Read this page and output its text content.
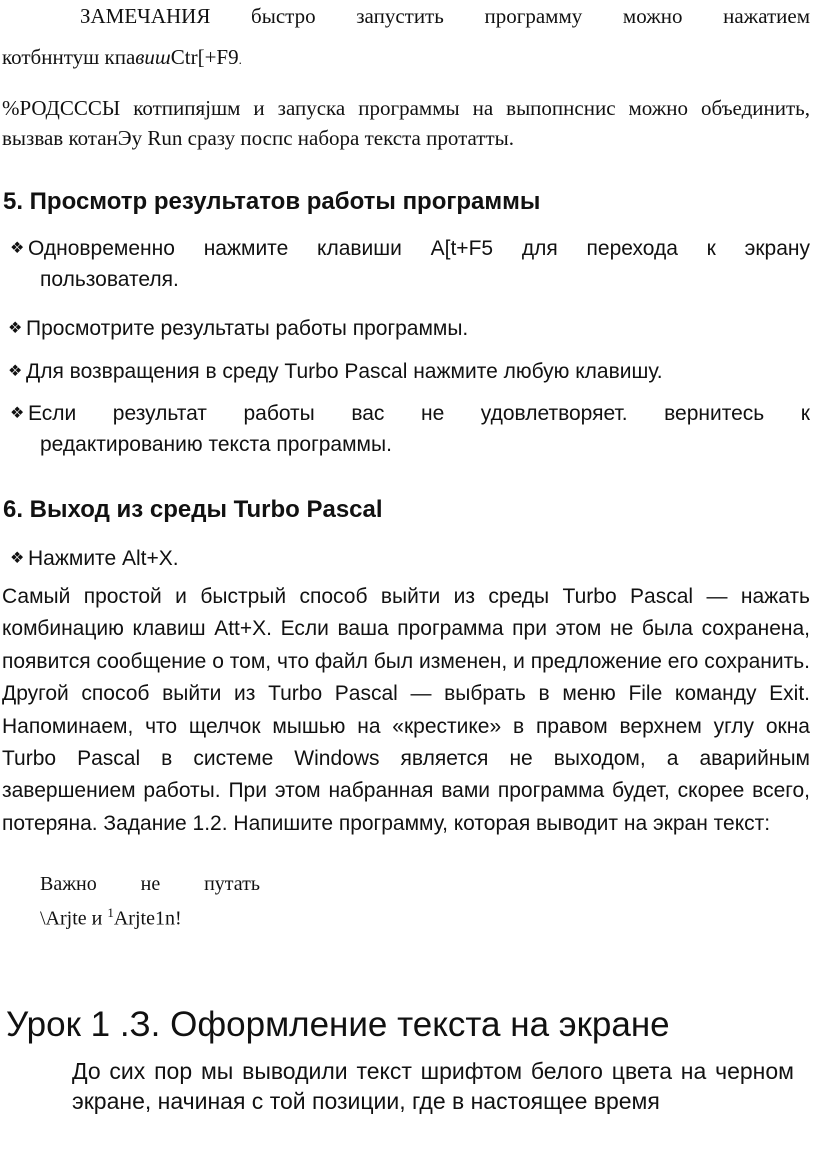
ЗАМЕЧАНИЯ быстро запустить программу можно нажатием

котбннтуш кпавишCtr[+F9.

%РОДСССЫ котпипяјшм и запуска программы на выпопнснис можно объединить, вызвав котанЭу Run сразу поспс набора текста протатты.

5. Просмотр результатов работы программы
❖ Одновременно нажмите клавиши A[t+F5 для перехода к экрану
пользователя.
❖ Просмотрите результаты работы программы.
❖ Для возвращения в среду Turbo Pascal нажмите любую клавишу.
❖ Если результат работы вас не удовлетворяет. вернитесь к
редактированию текста программы.
6. Выход из среды Turbo Pascal
❖ Нажмите Alt+X.

Самый простой и быстрый способ выйти из среды Turbo Pascal — нажать комбинацию клавиш Att+X. Если ваша программа при этом не была сохранена, появится сообщение о том, что файл был изменен, и предложение его сохранить. Другой способ выйти из Turbo Pascal — выбрать в меню File команду Exit. Напоминаем, что щелчок мышью на «крестике» в правом верхнем углу окна Turbo Pascal в системе Windows является не выходом, а аварийным завершением работы. При этом набранная вами программа будет, скорее всего, потеряна. Задание 1.2. Напишите программу, которая выводит на экран текст:

Важно не путать

\Arjte и $^1$Arjte1n!

Урок 1 .З. Оформление текста на экране

До сих пор мы выводили текст шрифтом белого цвета на черном экране, начиная с той позиции, где в настоящее время
